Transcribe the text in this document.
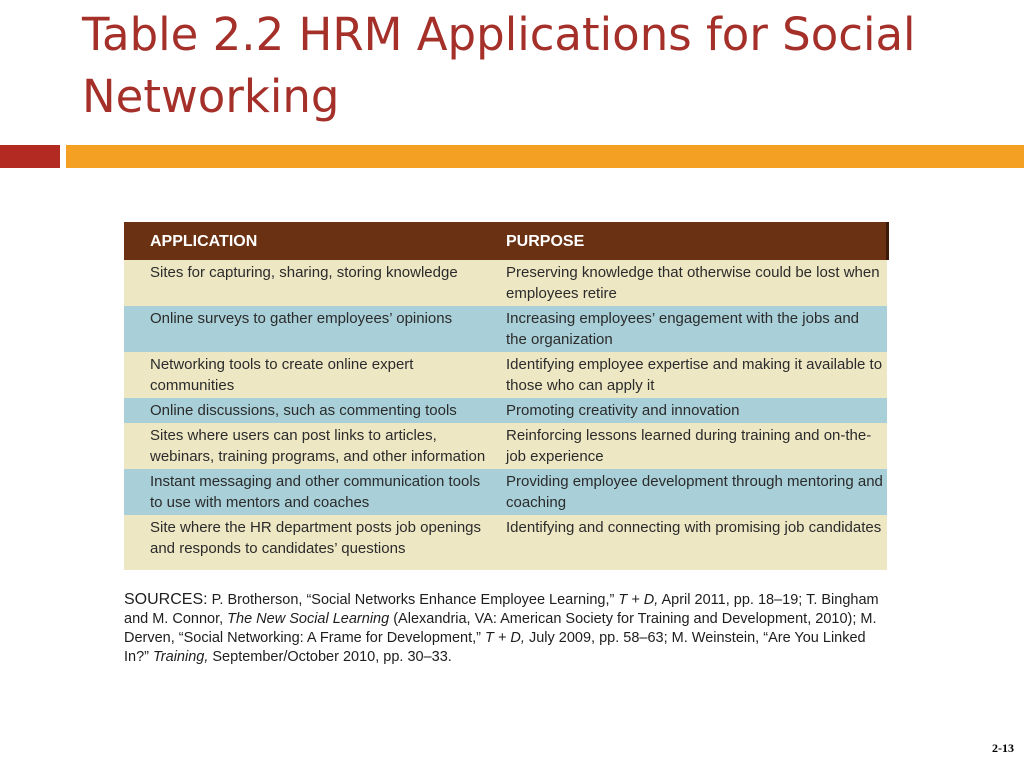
Table 2.2 HRM Applications for Social Networking
APPLICATION	PURPOSE
Sites for capturing, sharing, storing knowledge	Preserving knowledge that otherwise could be lost when employees retire
Online surveys to gather employees’ opinions	Increasing employees’ engagement with the jobs and the organization
Networking tools to create online expert communities	Identifying employee expertise and making it available to those who can apply it
Online discussions, such as commenting tools	Promoting creativity and innovation
Sites where users can post links to articles, webinars, training programs, and other information	Reinforcing lessons learned during training and on-the-job experience
Instant messaging and other communication tools to use with mentors and coaches	Providing employee development through mentoring and coaching
Site where the HR department posts job openings and responds to candidates’ questions	Identifying and connecting with promising job candidates
SOURCES: P. Brotherson, “Social Networks Enhance Employee Learning,” T + D, April 2011, pp. 18–19; T. Bingham and M. Connor, The New Social Learning (Alexandria, VA: American Society for Training and Development, 2010); M. Derven, “Social Networking: A Frame for Development,” T + D, July 2009, pp. 58–63; M. Weinstein, “Are You Linked In?” Training, September/October 2010, pp. 30–33.
2-13
